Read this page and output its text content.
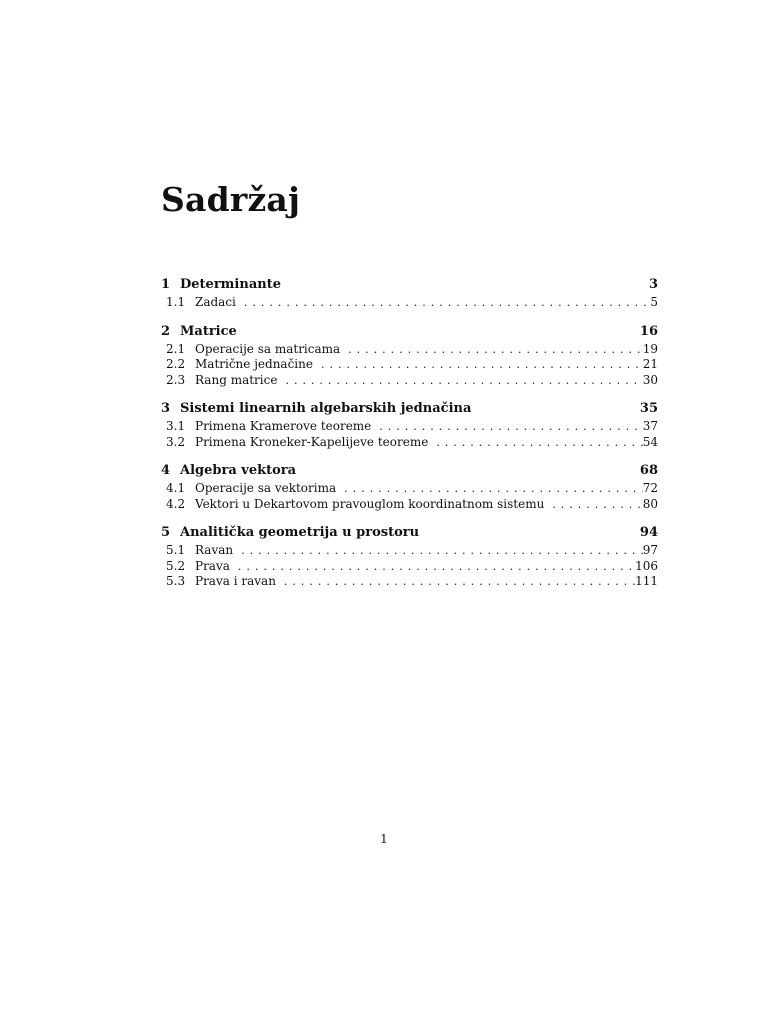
Sadržaj
1 Determinante	3
1.1 Zadaci . . .	5
2 Matrice	16
2.1 Operacije sa matricama . . .	19
2.2 Matrične jednačine . . .	21
2.3 Rang matrice . . .	30
3 Sistemi linearnih algebarskih jednačina	35
3.1 Primena Kramerove teoreme . . .	37
3.2 Primena Kroneker-Kapelijeve teoreme . . .	54
4 Algebra vektora	68
4.1 Operacije sa vektorima . . .	72
4.2 Vektori u Dekartovom pravouglom koordinatnom sistemu . . .	80
5 Analitička geometrija u prostoru	94
5.1 Ravan . . .	97
5.2 Prava . . .	106
5.3 Prava i ravan . . .	111
1
